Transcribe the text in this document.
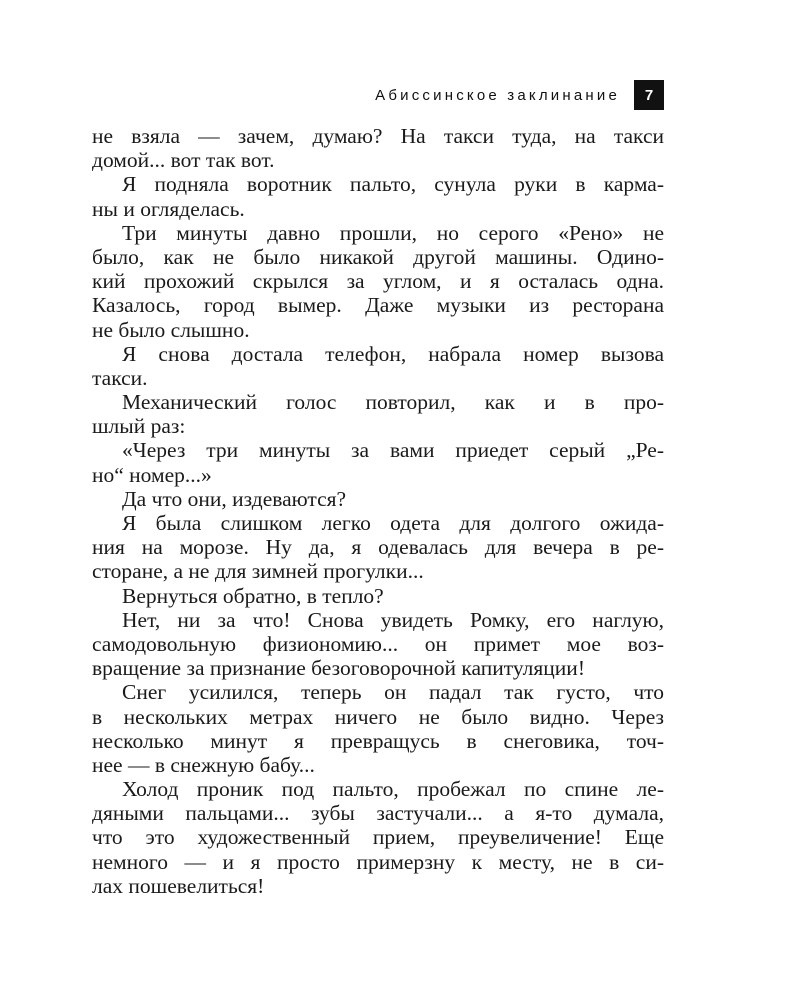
Абиссинское заклинание	7
не взяла — зачем, думаю? На такси туда, на такси
домой... вот так вот.
Я подняла воротник пальто, сунула руки в карма-
ны и огляделась.
Три минуты давно прошли, но серого «Рено» не
было, как не было никакой другой машины. Одино-
кий прохожий скрылся за углом, и я осталась одна.
Казалось, город вымер. Даже музыки из ресторана
не было слышно.
Я снова достала телефон, набрала номер вызова
такси.
Механический голос повторил, как и в про-
шлый раз:
«Через три минуты за вами приедет серый „Ре-
но“ номер...»
Да что они, издеваются?
Я была слишком легко одета для долгого ожида-
ния на морозе. Ну да, я одевалась для вечера в ре-
сторане, а не для зимней прогулки...
Вернуться обратно, в тепло?
Нет, ни за что! Снова увидеть Ромку, его наглую,
самодовольную физиономию... он примет мое воз-
вращение за признание безоговорочной капитуляции!
Снег усилился, теперь он падал так густо, что
в нескольких метрах ничего не было видно. Через
несколько минут я превращусь в снеговика, точ-
нее — в снежную бабу...
Холод проник под пальто, пробежал по спине ле-
дяными пальцами... зубы застучали... а я-то думала,
что это художественный прием, преувеличение! Еще
немного — и я просто примерзну к месту, не в си-
лах пошевелиться!
